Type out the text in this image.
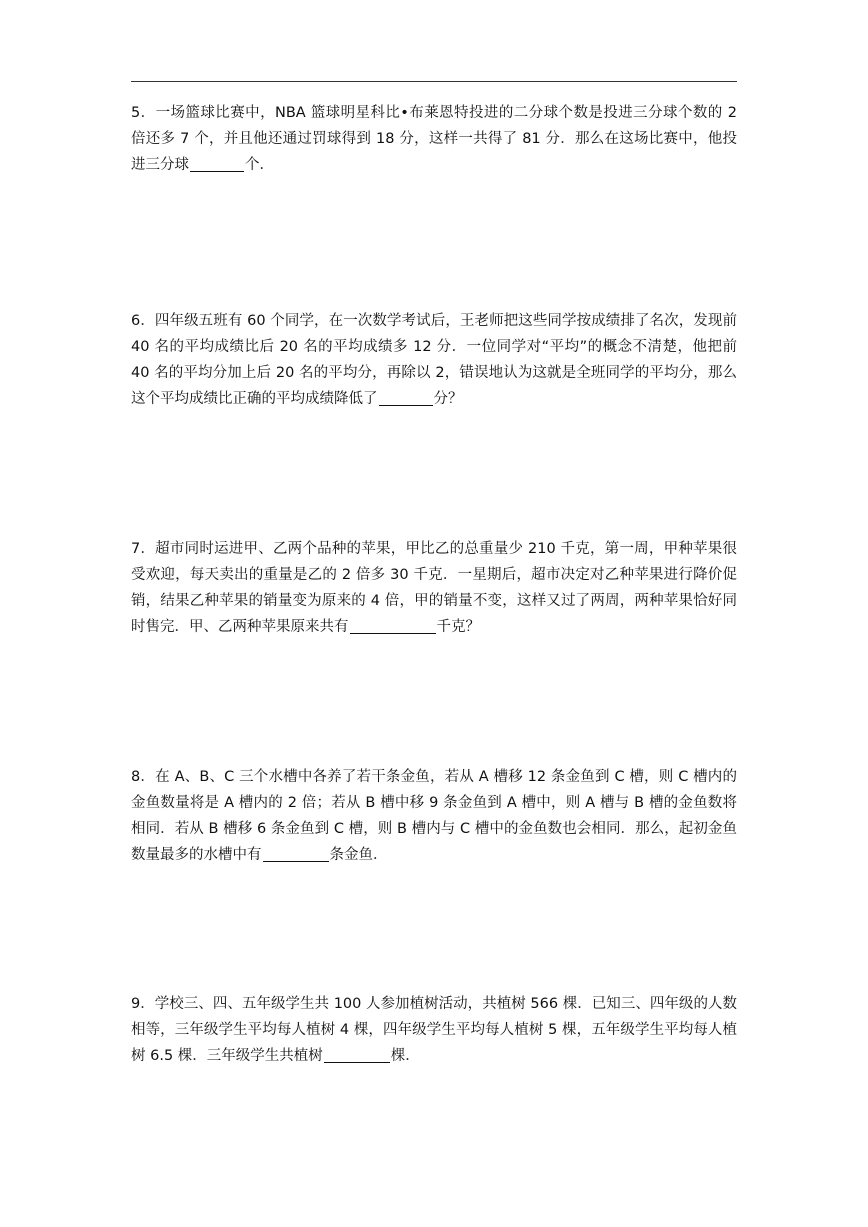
5．一场篮球比赛中，NBA 篮球明星科比•布莱恩特投进的二分球个数是投进三分球个数的 2 倍还多 7 个，并且他还通过罚球得到 18 分，这样一共得了 81 分．那么在这场比赛中，他投进三分球	个．

6．四年级五班有 60 个同学，在一次数学考试后，王老师把这些同学按成绩排了名次，发现前 40 名的平均成绩比后 20 名的平均成绩多 12 分．一位同学对“平均”的概念不清楚，他把前 40 名的平均分加上后 20 名的平均分，再除以 2，错误地认为这就是全班同学的平均分，那么这个平均成绩比正确的平均成绩降低了	分？

7．超市同时运进甲、乙两个品种的苹果，甲比乙的总重量少 210 千克，第一周，甲种苹果很受欢迎，每天卖出的重量是乙的 2 倍多 30 千克．一星期后，超市决定对乙种苹果进行降价促销，结果乙种苹果的销量变为原来的 4 倍，甲的销量不变，这样又过了两周，两种苹果恰好同时售完．甲、乙两种苹果原来共有	千克？

8．在 A、B、C 三个水槽中各养了若干条金鱼，若从 A 槽移 12 条金鱼到 C 槽，则 C 槽内的金鱼数量将是 A 槽内的 2 倍；若从 B 槽中移 9 条金鱼到 A 槽中，则 A 槽与 B 槽的金鱼数将相同．若从 B 槽移 6 条金鱼到 C 槽，则 B 槽内与 C 槽中的金鱼数也会相同．那么，起初金鱼数量最多的水槽中有	条金鱼．

9．学校三、四、五年级学生共 100 人参加植树活动，共植树 566 棵．已知三、四年级的人数相等，三年级学生平均每人植树 4 棵，四年级学生平均每人植树 5 棵，五年级学生平均每人植树 6.5 棵．三年级学生共植树	棵．
